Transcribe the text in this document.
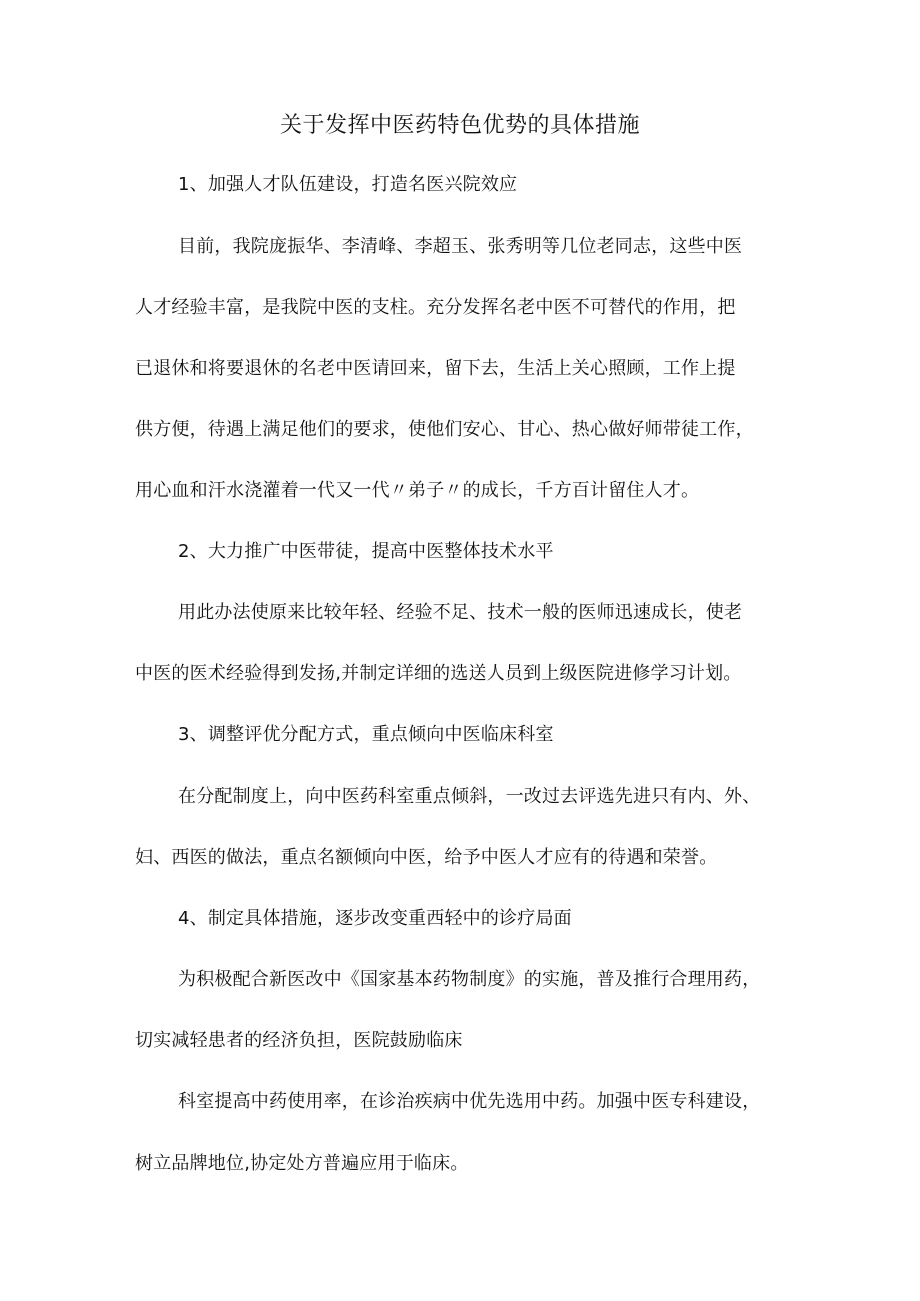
关于发挥中医药特色优势的具体措施
1、加强人才队伍建设，打造名医兴院效应
目前，我院庞振华、李清峰、李超玉、张秀明等几位老同志，这些中医
人才经验丰富，是我院中医的支柱。充分发挥名老中医不可替代的作用，把
已退休和将要退休的名老中医请回来，留下去，生活上关心照顾，工作上提
供方便，待遇上满足他们的要求，使他们安心、甘心、热心做好师带徒工作，
用心血和汗水浇灌着一代又一代〃弟子〃的成长，千方百计留住人才。
2、大力推广中医带徒，提高中医整体技术水平
用此办法使原来比较年轻、经验不足、技术一般的医师迅速成长，使老
中医的医术经验得到发扬,并制定详细的选送人员到上级医院进修学习计划。
3、调整评优分配方式，重点倾向中医临床科室
在分配制度上，向中医药科室重点倾斜，一改过去评选先进只有内、外、
妇、西医的做法，重点名额倾向中医，给予中医人才应有的待遇和荣誉。
4、制定具体措施，逐步改变重西轻中的诊疗局面
为积极配合新医改中《国家基本药物制度》的实施，普及推行合理用药，
切实减轻患者的经济负担，医院鼓励临床
科室提高中药使用率，在诊治疾病中优先选用中药。加强中医专科建设，
树立品牌地位,协定处方普遍应用于临床。
